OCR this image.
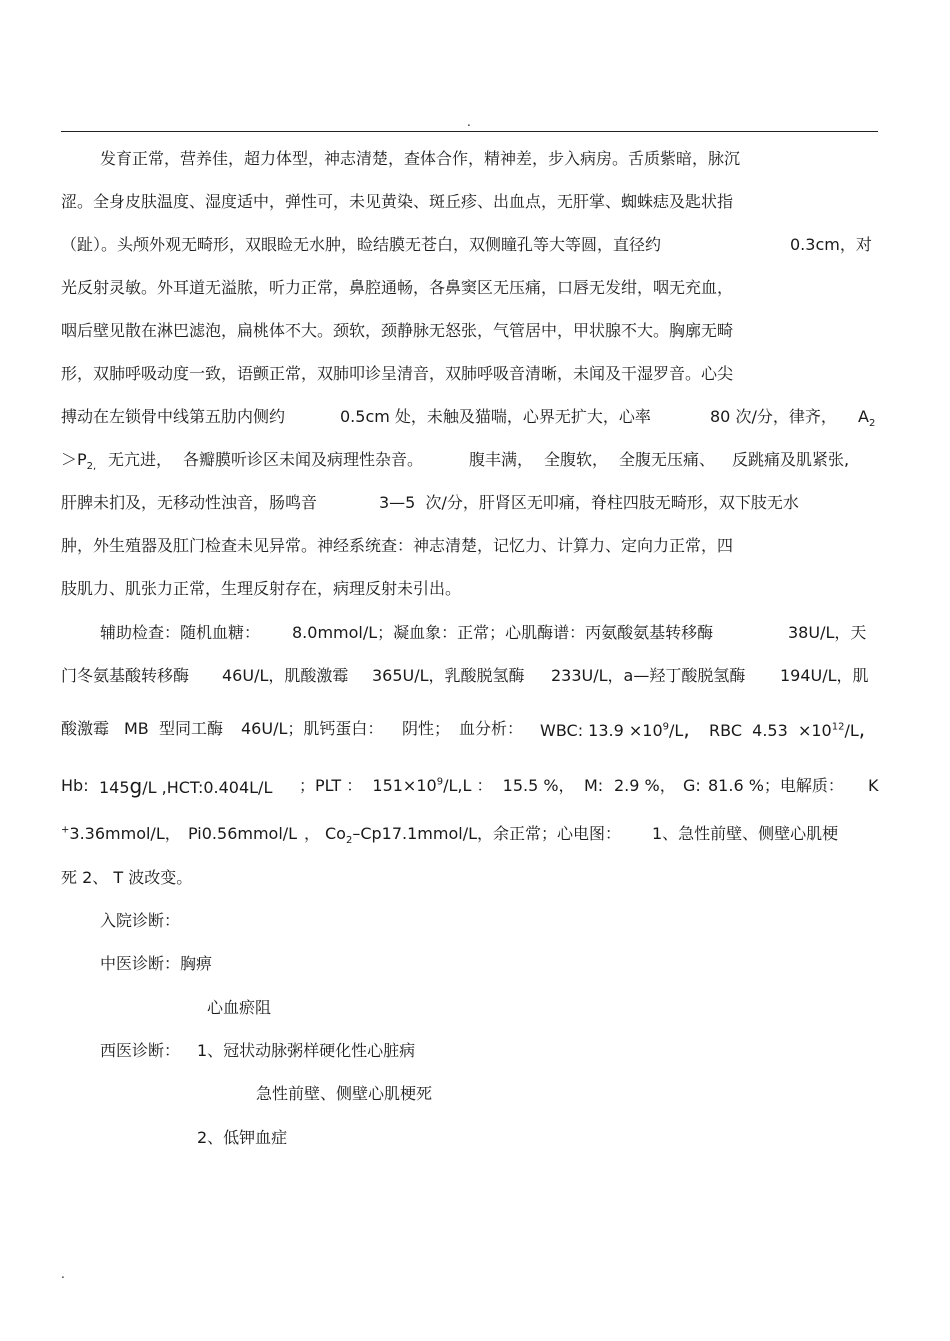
.
发育正常，营养佳，超力体型，神志清楚，查体合作，精神差，步入病房。舌质紫暗，脉沉
涩。全身皮肤温度、湿度适中，弹性可，未见黄染、斑丘疹、出血点，无肝掌、蜘蛛痣及匙状指
（趾）。头颅外观无畸形，双眼睑无水肿，睑结膜无苍白，双侧瞳孔等大等圆，直径约	0.3cm，对
光反射灵敏。外耳道无溢脓，听力正常，鼻腔通畅，各鼻窦区无压痛，口唇无发绀，咽无充血，
咽后壁见散在淋巴滤泡，扁桃体不大。颈软，颈静脉无怒张，气管居中，甲状腺不大。胸廓无畸
形，双肺呼吸动度一致，语颤正常，双肺叩诊呈清音，双肺呼吸音清晰，未闻及干湿罗音。心尖
搏动在左锁骨中线第五肋内侧约	0.5cm 处，未触及猫喘，心界无扩大，心率	80 次/分，律齐， $A_2$
$>P_{2,}$ 无亢进， 各瓣膜听诊区未闻及病理性杂音。	腹丰满， 全腹软， 全腹无压痛、 反跳痛及肌紧张,
肝脾未扪及，无移动性浊音，肠鸣音	3—5  次/分，肝肾区无叩痛，脊柱四肢无畸形，双下肢无水
肿，外生殖器及肛门检查未见异常。神经系统查：神志清楚，记忆力、计算力、定向力正常，四
肢肌力、肌张力正常，生理反射存在，病理反射未引出。
辅助检查：随机血糖： 8.0mmol/L；凝血象：正常；心肌酶谱：丙氨酸氨基转移酶	38U/L，天
门冬氨基酸转移酶 46U/L，肌酸激霉 365U/L，乳酸脱氢酶 233U/L，a—羟丁酸脱氢酶 194U/L，肌
酸激霉 MB  型同工酶 46U/L；肌钙蛋白： 阴性； 血分析： WBC: $13.9 \times 10^9/L$, RBC  $4.53 \times 10^{12}/L$,
Hb: 145g/L ,HCT:0.404L/L ；PLT ：  $151\times 10^9/L,L$ ：  15.5 %， M: 2.9 %， G: 81.6 %；电解质： K
+3.36mmol/L， Pi0.56mmol/L ， $Co_2-Cp17.1mmol/L$，余正常；心电图： 1、急性前壁、侧壁心肌梗
死 2、 T 波改变。
入院诊断：
中医诊断：胸痹
心血瘀阻
西医诊断： 1、冠状动脉粥样硬化性心脏病
急性前壁、侧壁心肌梗死
2、低钾血症
.
